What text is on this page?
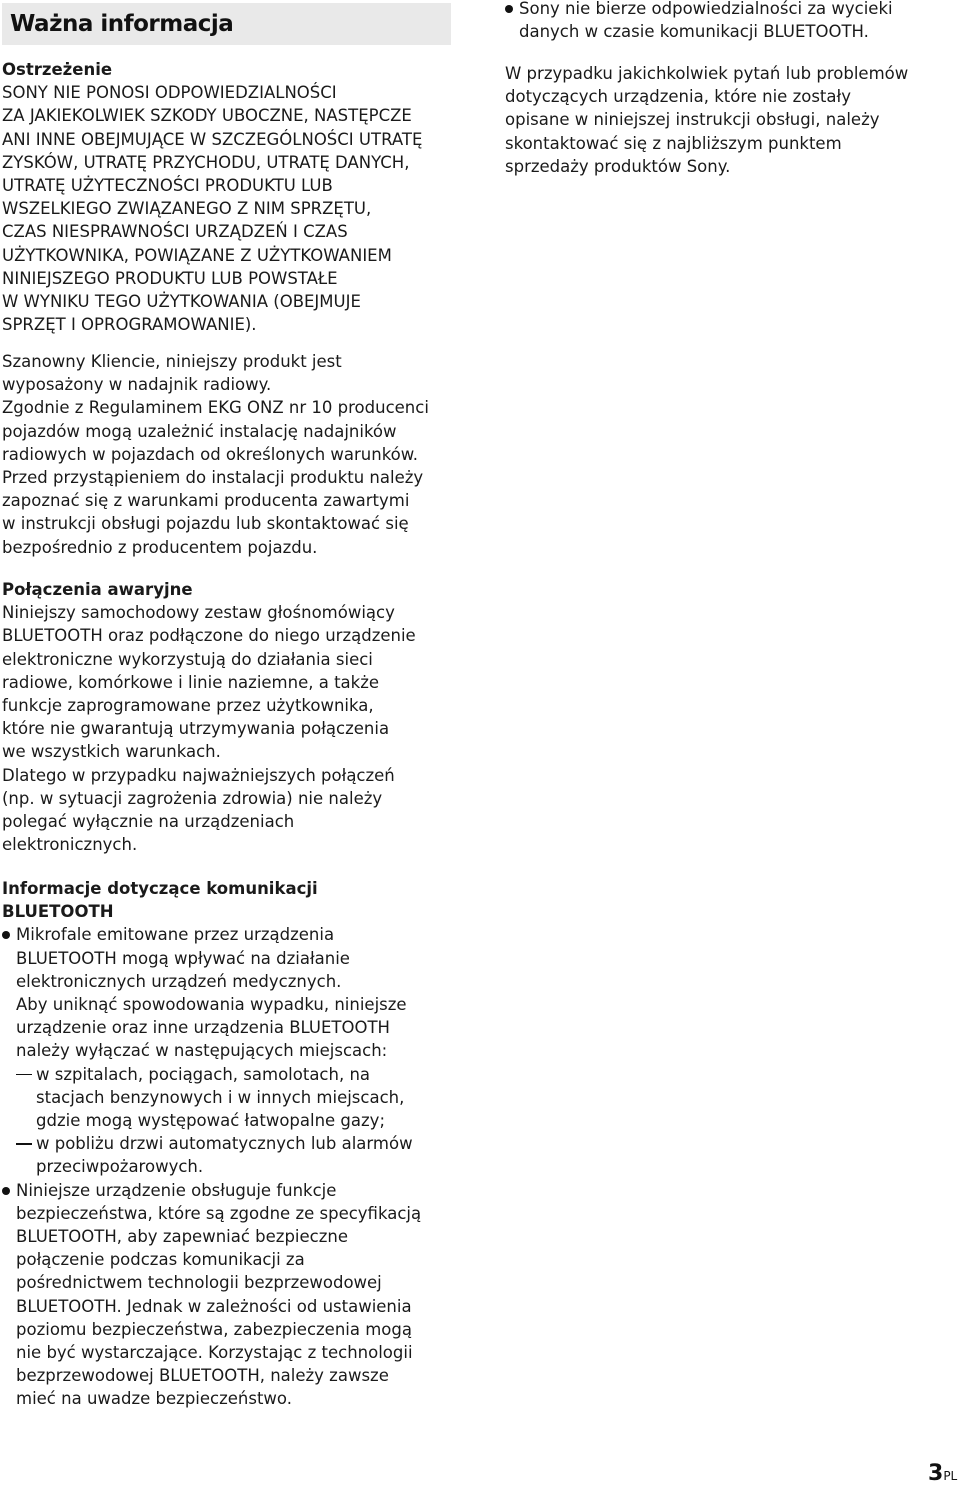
Ważna informacja
Ostrzeżenie
SONY NIE PONOSI ODPOWIEDZIALNOŚCI
ZA JAKIEKOLWIEK SZKODY UBOCZNE, NASTĘPCZE
ANI INNE OBEJMUJĄCE W SZCZEGÓLNOŚCI UTRATĘ
ZYSKÓW, UTRATĘ PRZYCHODU, UTRATĘ DANYCH,
UTRATĘ UŻYTECZNOŚCI PRODUKTU LUB
WSZELKIEGO ZWIĄZANEGO Z NIM SPRZĘTU,
CZAS NIESPRAWNOŚCI URZĄDZEŃ I CZAS
UŻYTKOWNIKA, POWIĄZANE Z UŻYTKOWANIEM
NINIEJSZEGO PRODUKTU LUB POWSTAŁE
W WYNIKU TEGO UŻYTKOWANIA (OBEJMUJE
SPRZĘT I OPROGRAMOWANIE).
Szanowny Kliencie, niniejszy produkt jest
wyposażony w nadajnik radiowy.
Zgodnie z Regulaminem EKG ONZ nr 10 producenci
pojazdów mogą uzależnić instalację nadajników
radiowych w pojazdach od określonych warunków.
Przed przystąpieniem do instalacji produktu należy
zapoznać się z warunkami producenta zawartymi
w instrukcji obsługi pojazdu lub skontaktować się
bezpośrednio z producentem pojazdu.
Połączenia awaryjne
Niniejszy samochodowy zestaw głośnomówiący
BLUETOOTH oraz podłączone do niego urządzenie
elektroniczne wykorzystują do działania sieci
radiowe, komórkowe i linie naziemne, a także
funkcje zaprogramowane przez użytkownika,
które nie gwarantują utrzymywania połączenia
we wszystkich warunkach.
Dlatego w przypadku najważniejszych połączeń
(np. w sytuacji zagrożenia zdrowia) nie należy
polegać wyłącznie na urządzeniach
elektronicznych.
Informacje dotyczące komunikacji
BLUETOOTH
Mikrofale emitowane przez urządzenia
BLUETOOTH mogą wpływać na działanie
elektronicznych urządzeń medycznych.
Aby uniknąć spowodowania wypadku, niniejsze
urządzenie oraz inne urządzenia BLUETOOTH
należy wyłączać w następujących miejscach:
w szpitalach, pociągach, samolotach, na
stacjach benzynowych i w innych miejscach,
gdzie mogą występować łatwopalne gazy;
w pobliżu drzwi automatycznych lub alarmów
przeciwpożarowych.
Niniejsze urządzenie obsługuje funkcje
bezpieczeństwa, które są zgodne ze specyfikacją
BLUETOOTH, aby zapewniać bezpieczne
połączenie podczas komunikacji za
pośrednictwem technologii bezprzewodowej
BLUETOOTH. Jednak w zależności od ustawienia
poziomu bezpieczeństwa, zabezpieczenia mogą
nie być wystarczające. Korzystając z technologii
bezprzewodowej BLUETOOTH, należy zawsze
mieć na uwadze bezpieczeństwo.
Sony nie bierze odpowiedzialności za wycieki
danych w czasie komunikacji BLUETOOTH.
W przypadku jakichkolwiek pytań lub problemów
dotyczących urządzenia, które nie zostały
opisane w niniejszej instrukcji obsługi, należy
skontaktować się z najbliższym punktem
sprzedaży produktów Sony.
3PL
